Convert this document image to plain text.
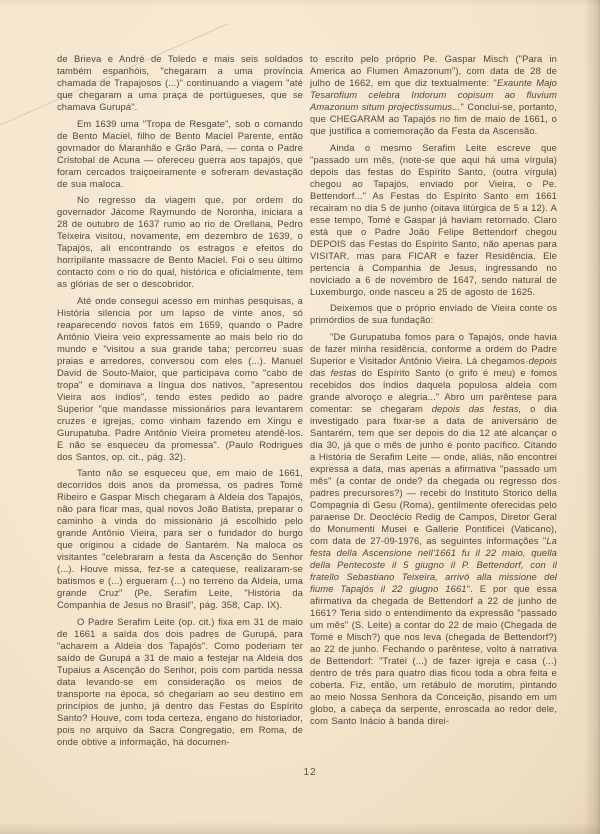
de Brieva e André de Toledo e mais seis soldados também espanhóis, "chegaram a uma província chamada de Trapajosos (...)" continuando a viagem "até que chegaram a uma praça de portúgueses, que se chamava Gurupá".

Em 1639 uma "Tropa de Resgate", sob o comando de Bento Maciel, filho de Bento Maciel Parente, então govrnador do Maranhão e Grão Pará, — conta o Padre Cristobal de Acuna — ofereceu guerra aos tapajós, que foram cercados traiçoeiramente e sofreram devastação de sua maloca.

No regresso da viagem que, por ordem do governador Jácome Raymundo de Noronha, iniciara a 28 de outubro de 1637 rumo ao rio de Orellana, Pedro Teixeira visitou, novamente, em dezembro de 1639, o Tapajós, ali encontrando os estragos e efeitos do horripilante massacre de Bento Maciel. Foi o seu último contacto com o rio do qual, histórica e oficialmente, tem as glórias de ser o descobridor.

Até onde consegui acesso em minhas pesquisas, a História silencia por um lapso de vinte anos, só reaparecendo novos fatos em 1659, quando o Padre Antônio Vieira veio expressamente ao mais belo rio do mundo e "visitou a sua grande taba; percorreu suas praias e arredores, conversou com eles (...). Manuel David de Souto-Maior, que participava como "cabo de tropa" e dominava a língua dos nativos, "apresentou Vieira aos índios", tendo estes pedido ao padre Superior "que mandasse missionários para levantarem cruzes e igrejas, como vinham fazendo em Xingu e Gurupatuba. Padre Antônio Vieira prometeu atendê-los. E não se esqueceu da promessa". (Paulo Rodrigues dos Santos, op. cit., pág. 32).

Tanto não se esqueceu que, em maio de 1661, decorridos dois anos da promessa, os padres Tomé Ribeiro e Gaspar Misch chegaram à Aldeia dos Tapajós, não para ficar mas, qual novos João Batista, preparar o caminho à vinda do missionário já escolhido pelo grande Antônio Vieira, para ser o fundador do burgo que originou a cidade de Santarém. Na maloca os visitantes "celebraram a festa da Ascenção do Senhor (...). Houve missa, fez-se a catequese, realizaram-se batismos e (...) ergueram (...) no terreno da Aldeia, uma grande Cruz" (Pe. Serafim Leite, "História da Companhia de Jesus no Brasil", pág. 358, Cap. IX).

O Padre Serafim Leite (op. cit.) fixa em 31 de maio de 1661 a saída dos dois padres de Gurupá, para "acharem a Aldeia dos Tapajós". Como poderiam ter saído de Gurupá a 31 de maio a festejar na Aldeia dos Tupaius a Ascenção do Senhor, pois com partida nessa data levando-se em consideração os meios de transporte na época, só chegariam ao seu destino em princípios de junho, já dentro das Festas do Espírito Santo? Houve, com toda certeza, engano do historiador, pois no arquivo da Sacra Congregatio, em Roma, de onde obtive a informação, há documen-

to escrito pelo próprio Pe. Gaspar Misch ("Para in America ao Flumen Amazonum"), com data de 28 de julho de 1662, em que diz textualmente: "Exaunte Majo Tesarofium celebra Indorum copisum ao fluvium Amazonum situm projectissumus..." Conclui-se, portanto, que CHEGARAM ao Tapajós no fim de maio de 1661, o que justifica a comemoração da Festa da Ascensão.

Ainda o mesmo Serafim Leite escreve que "passado um mês, (note-se que aqui há uma vírgula) depois das festas do Espírito Santo, (outra vírgula) chegou ao Tapajós, enviado por Vieira, o Pe. Bettendorf..." As Festas do Espírito Santo em 1661 recairam no dia 5 de junho (oitava litúrgica de 5 a 12). A esse tempo, Tomé e Gaspar já haviam retornado. Claro está que o Padre João Felipe Bettendorf chegou DEPOIS das Festas do Espírito Santo, não apenas para VISITAR, mas para FICAR e fazer Residência. Ele pertencia à Companhia de Jesus, ingressando no noviciado a 6 de novembro de 1647, sendo natural de Luxemburgo, onde nasceu a 25 de agosto de 1625.

Deixemos que o próprio enviado de Vieira conte os primórdios de sua fundação:

"De Gurupatuba fomos para o Tapajós, onde havia de fazer minha residência, conforme a ordem do Padre Superior e Visitador Antônio Vieira. Lá chegamos depois das festas do Espírito Santo (o grifo é meu) e fomos recebidos dos índios daquela populosa aldeia com grande alvoroço e alegria..." Abro um parêntese para comentar: se chegaram depois das festas, o dia investigado para fixar-se a data de aniversário de Santarém, tem que ser depois do dia 12 até alcançar o dia 30, já que o mês de junho é ponto pacífico. Citando a História de Serafim Leite — onde, aliás, não encontrei expressa a data, mas apenas a afirmativa "passado um mês" (a contar de onde? da chegada ou regresso dos padres precursores?) — recebi do Instituto Storico della Compagnia di Gesu (Roma), gentilmente oferecidas pelo paraense Dr. Deoclécio Redig de Campos, Diretor Geral do Monumenti Musei e Gallerie Pontificei (Vaticano), com data de 27-09-1976, as seguintes informações "La festa della Ascensione nell'1661 fu il 22 maio, quella della Pentecoste il 5 giugno il P. Bettendorf, con il fratello Sebastiano Teixeira, arrivó alla missione del fiume Tapajós il 22 giugno 1661". E por que essa afirmativa da chegada de Bettendorf a 22 de junho de 1661? Teria sido o entendimento da expressão "passado um mês" (S. Leite) a contar do 22 de maio (Chegada de Tomé e Misch?) que nos leva (chegada de Bettendorf?) ao 22 de junho. Fechando o parêntese, volto à narrativa de Bettendorf: "Tratei (...) de fazer igreja e casa (...) dentro de três para quatro dias ficou toda a obra feita e coberta. Fiz, então, um retábulo de morutim, pintando ao meio Nossa Senhora da Conceição, pisando em um globo, a cabeça da serpente, enroscada ao redor dele, com Santo Inácio à banda direi-

12
